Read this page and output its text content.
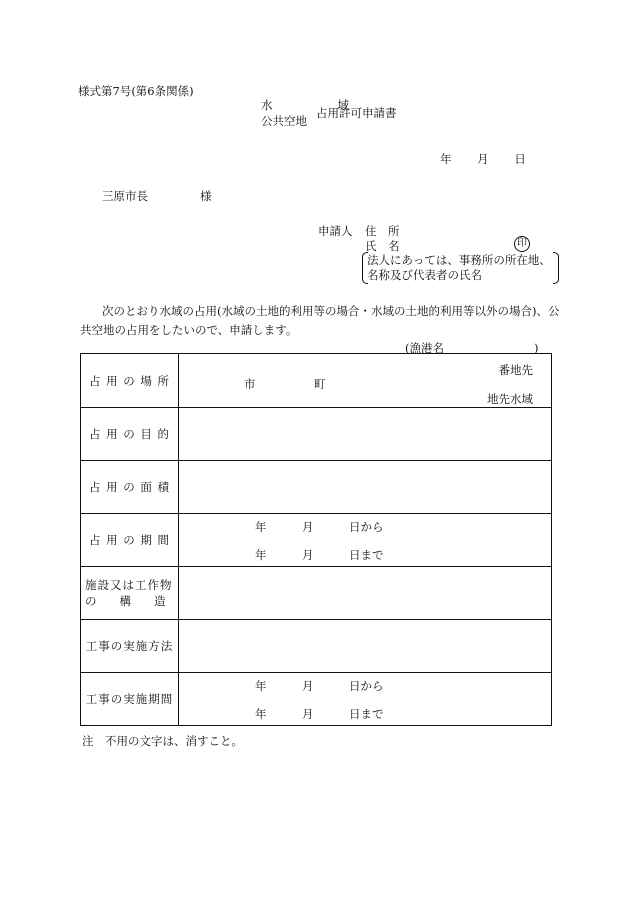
様式第7号(第6条関係)
水　　域
公共空地
占用許可申請書
年 月 日
三原市長	様
申請人 住　所
氏　名	印
法人にあっては、事務所の所在地、
名称及び代表者の氏名
次のとおり水域の占用(水域の土地的利用等の場合・水域の土地的利用等以外の場合)、公共空地の占用をしたいので、申請します。
(漁港名	)
占 用 の 場 所	市 町
番地先
地先水域

占 用 の 目 的	
占 用 の 面 積	
占 用 の 期 間	年 月 日から
年 月 日まで

施設又は工作物
の 構 造	

工事の実施方法	
工事の実施期間	年 月 日から
年 月 日まで
注　不用の文字は、消すこと。
